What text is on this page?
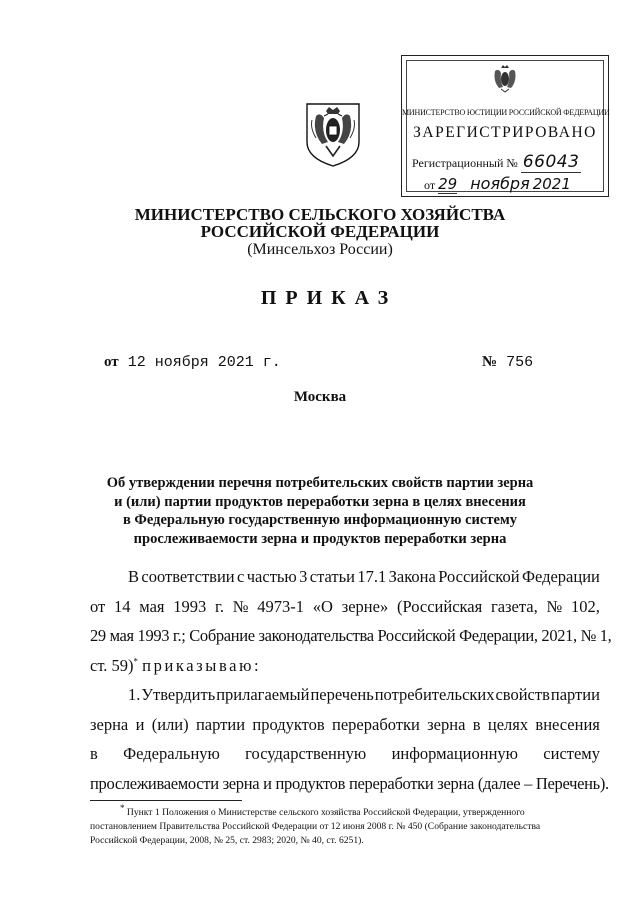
МИНИСТЕРСТВО ЮСТИЦИИ РОССИЙСКОЙ ФЕДЕРАЦИИ
ЗАРЕГИСТРИРОВАНО
Регистрационный № 66043
от 29 ноября 2021
МИНИСТЕРСТВО СЕЛЬСКОГО ХОЗЯЙСТВА
РОССИЙСКОЙ ФЕДЕРАЦИИ
(Минсельхоз России)
ПРИКАЗ
от 12 ноября 2021 г.	№ 756
Москва
Об утверждении перечня потребительских свойств партии зерна
и (или) партии продуктов переработки зерна в целях внесения
в Федеральную государственную информационную систему
прослеживаемости зерна и продуктов переработки зерна
В соответствии с частью 3 статьи 17.1 Закона Российской Федерации
от 14 мая 1993 г. № 4973-1 «О зерне» (Российская газета, № 102,
29 мая 1993 г.; Собрание законодательства Российской Федерации, 2021, № 1,
ст. 59)* приказываю:
1. Утвердить прилагаемый перечень потребительских свойств партии
зерна и (или) партии продуктов переработки зерна в целях внесения
в Федеральную государственную информационную систему
прослеживаемости зерна и продуктов переработки зерна (далее – Перечень).
* Пункт 1 Положения о Министерстве сельского хозяйства Российской Федерации, утвержденного
постановлением Правительства Российской Федерации от 12 июня 2008 г. № 450 (Собрание законодательства
Российской Федерации, 2008, № 25, ст. 2983; 2020, № 40, ст. 6251).
